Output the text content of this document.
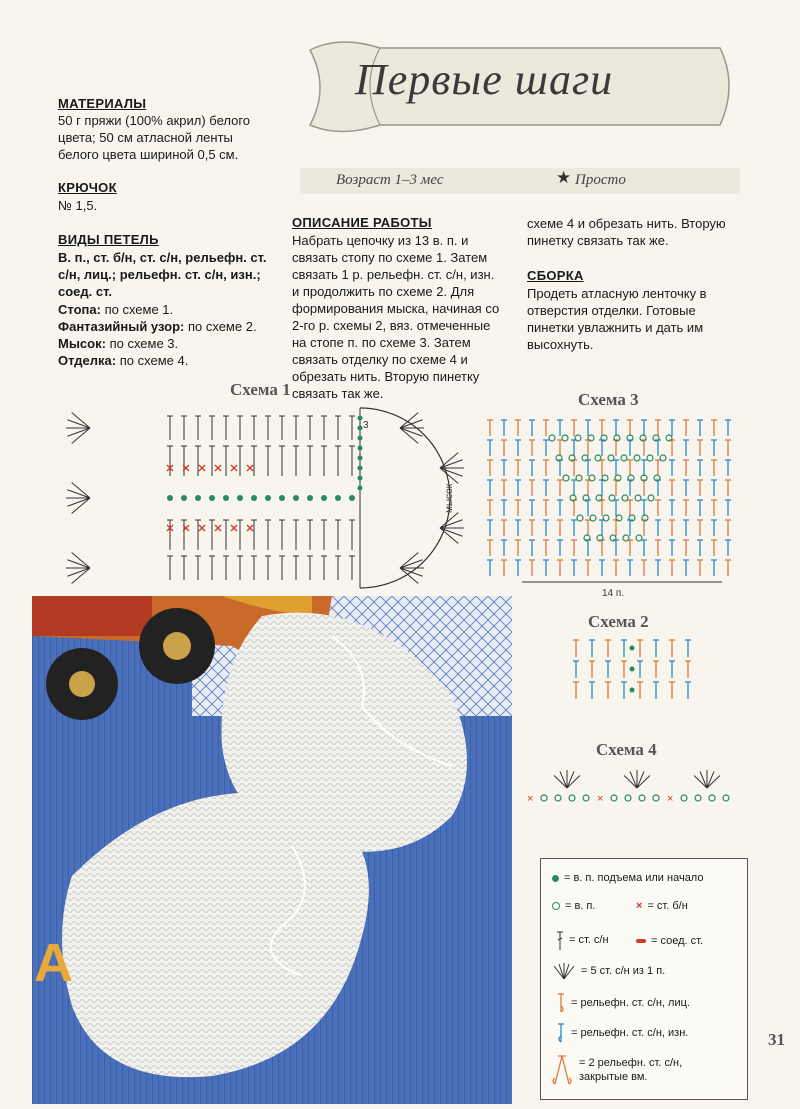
Первые шаги
Возраст 1–3 мес	★ Просто
МАТЕРИАЛЫ
50 г пряжи (100% акрил) белого цвета; 50 см атласной ленты белого цвета шириной 0,5 см.
КРЮЧОК
№ 1,5.
ВИДЫ ПЕТЕЛЬ
В. п., ст. б/н, ст. с/н, рельефн. ст. с/н, лиц.; рельефн. ст. с/н, изн.; соед. ст.
Стопа: по схеме 1.
Фантазийный узор: по схеме 2.
Мысок: по схеме 3.
Отделка: по схеме 4.
ОПИСАНИЕ РАБОТЫ
Набрать цепочку из 13 в. п. и связать стопу по схеме 1. Затем связать 1 р. рельефн. ст. с/н, изн. и продолжить по схеме 2. Для формирования мыска, начиная со 2-го р. схемы 2, вяз. отмеченные на стопе п. по схеме 3. Затем связать отделку по схеме 4 и обрезать нить. Вторую пинетку связать так же.
схеме 4 и обрезать нить. Вторую пинетку связать так же.
СБОРКА
Продеть атласную ленточку в отверстия отделки. Готовые пинетки увлажнить и дать им высохнуть.
Схема 1
3
мысок
Схема 3
14 п.
Схема 2
Схема 4
×	×	×
= в. п. подъема или начало
= в. п.	× = ст. б/н
= ст. с/н	= соед. ст.
= 5 ст. с/н из 1 п.
= рельефн. ст. с/н, лиц.
= рельефн. ст. с/н, изн.
= 2 рельефн. ст. с/н, закрытые вм.
A
31
